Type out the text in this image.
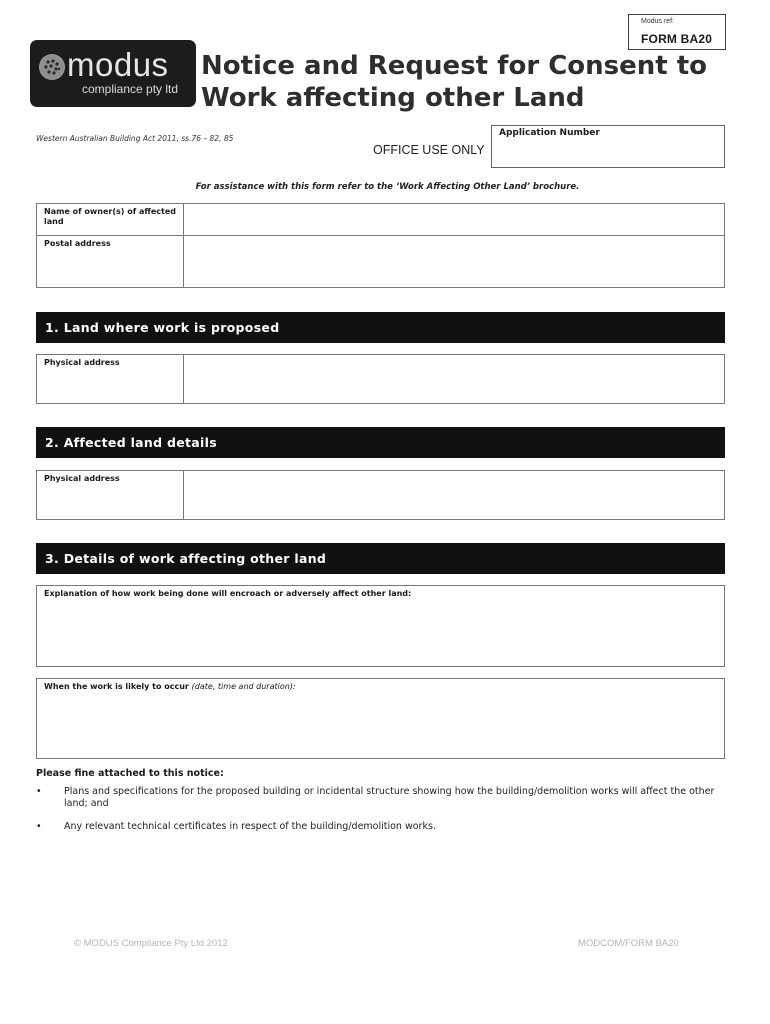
Modus ref:
FORM BA20
modus
compliance pty ltd
Notice and Request for Consent to
Work affecting other Land
Western Australian Building Act 2011, ss.76 – 82, 85
OFFICE USE ONLY
Application Number
For assistance with this form refer to the ‘Work Affecting Other Land’ brochure.
Name of owner(s) of affected land
Postal address
1. Land where work is proposed
Physical address
2. Affected land details
Physical address
3. Details of work affecting other land
Explanation of how work being done will encroach or adversely affect other land:
When the work is likely to occur (date, time and duration):
Please fine attached to this notice:
• Plans and specifications for the proposed building or incidental structure showing how the building/demolition works will affect the other land; and
• Any relevant technical certificates in respect of the building/demolition works.
© MODUS Compliance Pty Ltd 2012	MODCOM/FORM BA20
